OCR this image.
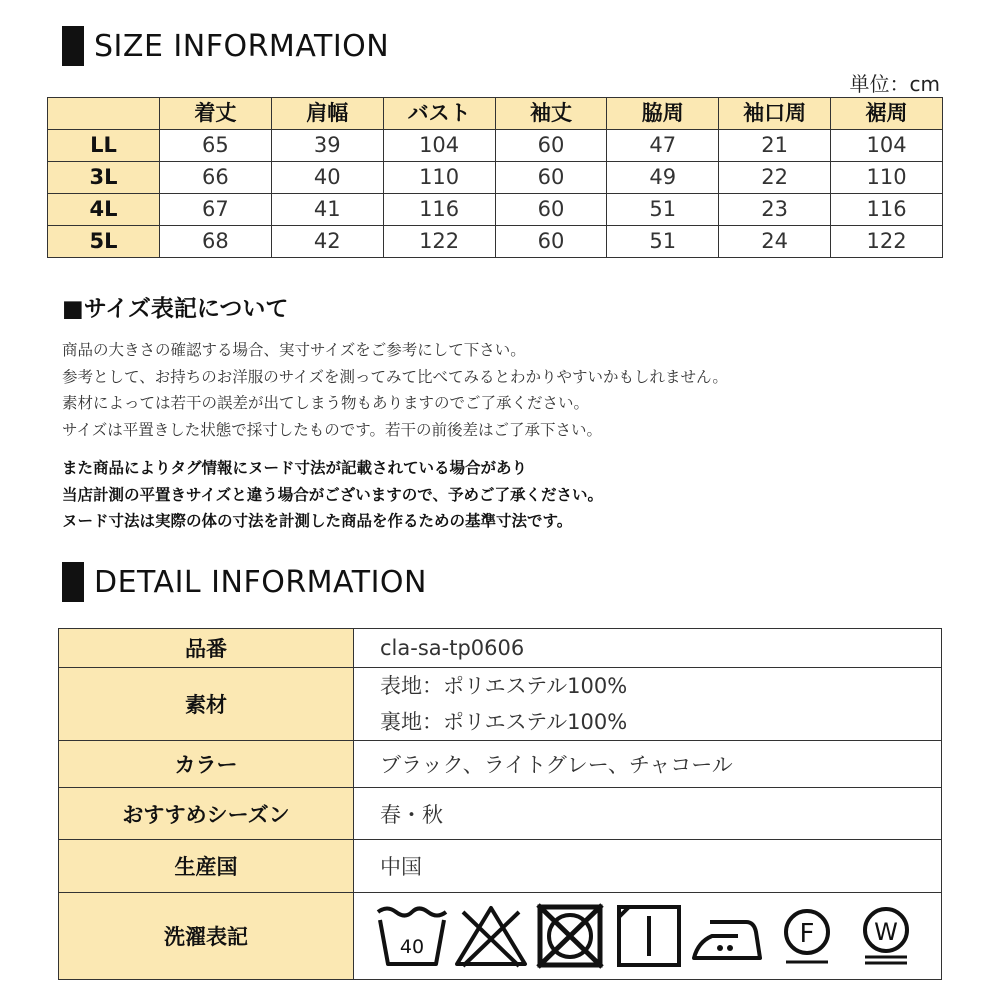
SIZE INFORMATION
単位：cm
	着丈	肩幅	バスト	袖丈	脇周	袖口周	裾周
LL	65	39	104	60	47	21	104
3L	66	40	110	60	49	22	110
4L	67	41	116	60	51	23	116
5L	68	42	122	60	51	24	122
■サイズ表記について
商品の大きさの確認する場合、実寸サイズをご参考にして下さい。
参考として、お持ちのお洋服のサイズを測ってみて比べてみるとわかりやすいかもしれません。
素材によっては若干の誤差が出てしまう物もありますのでご了承ください。
サイズは平置きした状態で採寸したものです。若干の前後差はご了承下さい。
また商品によりタグ情報にヌード寸法が記載されている場合があり
当店計測の平置きサイズと違う場合がございますので、予めご了承ください。
ヌード寸法は実際の体の寸法を計測した商品を作るための基準寸法です。
DETAIL INFORMATION
品番	cla-sa-tp0606
素材	表地：ポリエステル100%
裏地：ポリエステル100%

カラー	ブラック、ライトグレー、チャコール
おすすめシーズン	春・秋
生産国	中国
洗濯表記	40 F W
